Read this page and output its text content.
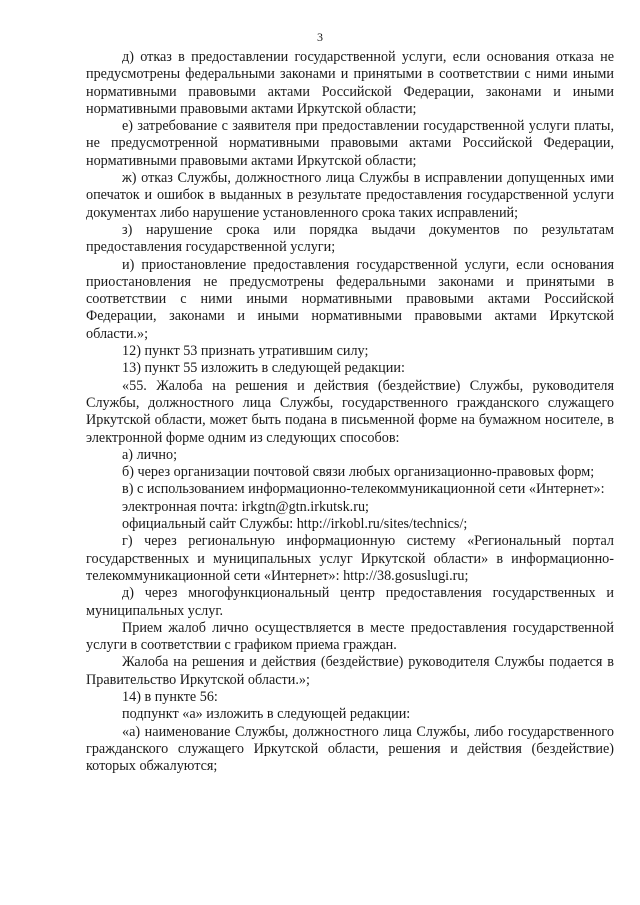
3

д) отказ в предоставлении государственной услуги, если основания отказа не предусмотрены федеральными законами и принятыми в соответствии с ними иными нормативными правовыми актами Российской Федерации, законами и иными нормативными правовыми актами Иркутской области;

е) затребование с заявителя при предоставлении государственной услуги платы, не предусмотренной нормативными правовыми актами Российской Федерации, нормативными правовыми актами Иркутской области;

ж) отказ Службы, должностного лица Службы в исправлении допущенных ими опечаток и ошибок в выданных в результате предоставления государственной услуги документах либо нарушение установленного срока таких исправлений;

з) нарушение срока или порядка выдачи документов по результатам предоставления государственной услуги;

и) приостановление предоставления государственной услуги, если основания приостановления не предусмотрены федеральными законами и принятыми в соответствии с ними иными нормативными правовыми актами Российской Федерации, законами и иными нормативными правовыми актами Иркутской области.»;

12) пункт 53 признать утратившим силу;

13) пункт 55 изложить в следующей редакции:

«55. Жалоба на решения и действия (бездействие) Службы, руководителя Службы, должностного лица Службы, государственного гражданского служащего Иркутской области, может быть подана в письменной форме на бумажном носителе, в электронной форме одним из следующих способов:

а) лично;

б) через организации почтовой связи любых организационно-правовых форм;

в) с использованием информационно-телекоммуникационной сети «Интернет»:

электронная почта: irkgtn@gtn.irkutsk.ru;

официальный сайт Службы: http://irkobl.ru/sites/technics/;

г) через региональную информационную систему «Региональный портал государственных и муниципальных услуг Иркутской области» в информационно-телекоммуникационной сети «Интернет»: http://38.gosuslugi.ru;

д) через многофункциональный центр предоставления государственных и муниципальных услуг.

Прием жалоб лично осуществляется в месте предоставления государственной услуги в соответствии с графиком приема граждан.

Жалоба на решения и действия (бездействие) руководителя Службы подается в Правительство Иркутской области.»;

14) в пункте 56:

подпункт «а» изложить в следующей редакции:

«а) наименование Службы, должностного лица Службы, либо государственного гражданского служащего Иркутской области, решения и действия (бездействие) которых обжалуются;
